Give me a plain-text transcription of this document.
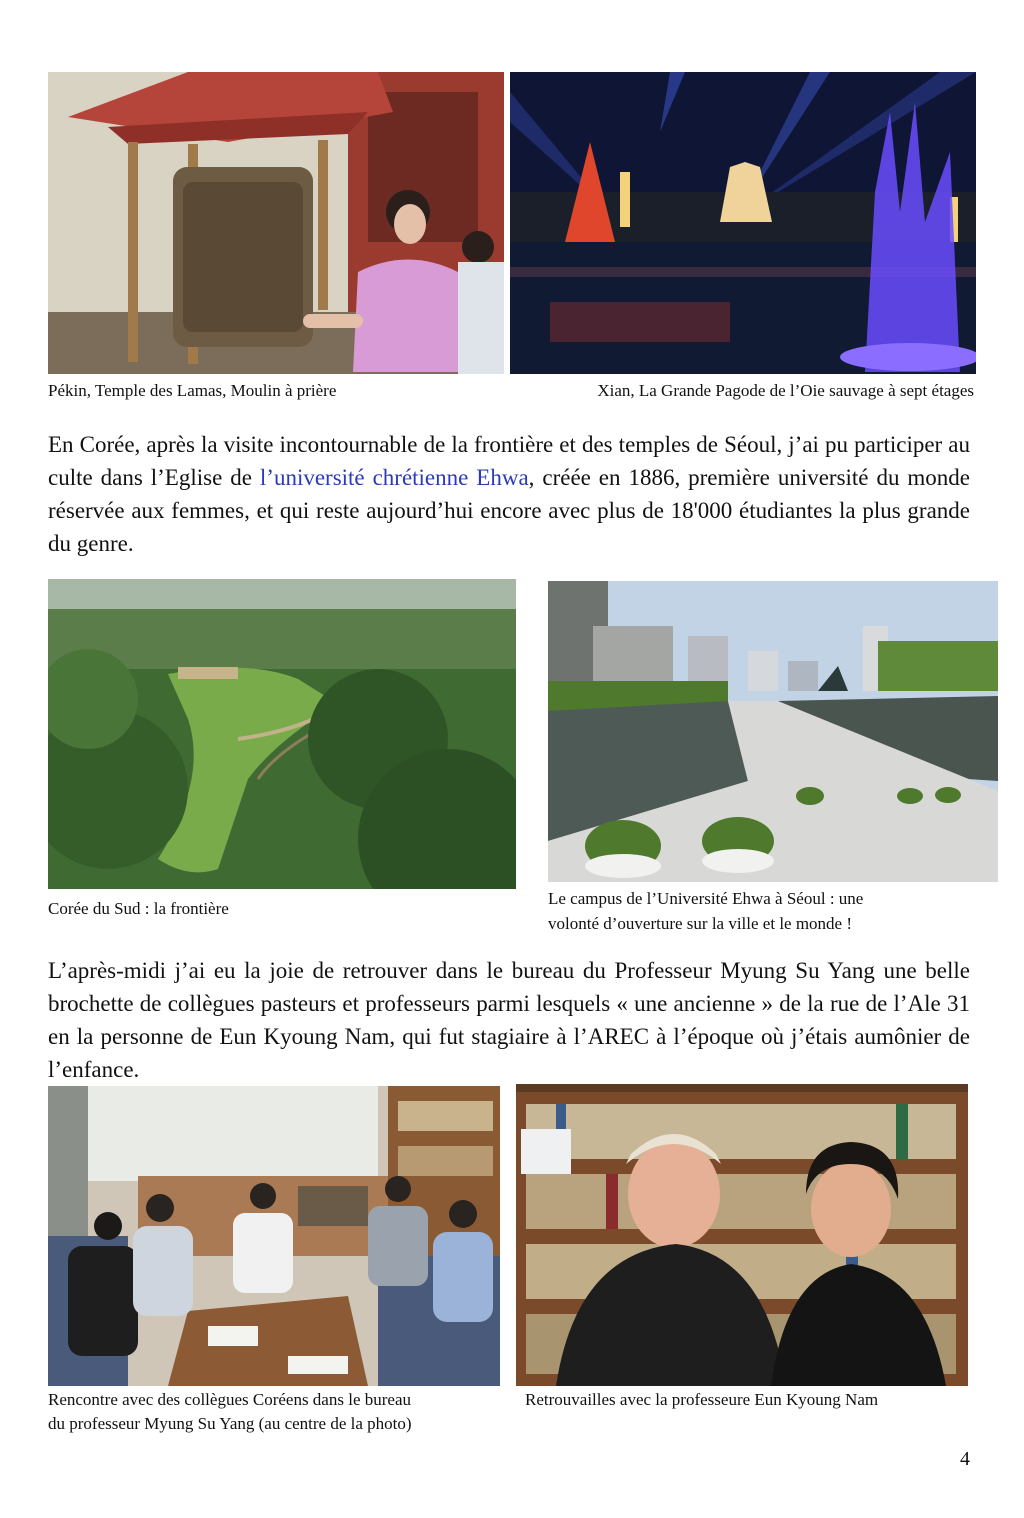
Pékin, Temple des Lamas, Moulin à prière	Xian, La Grande Pagode de l’Oie sauvage à sept étages
En Corée, après la visite incontournable de la frontière et des temples de Séoul, j’ai pu participer au culte dans l’Eglise de l’université chrétienne Ehwa, créée en 1886, première université du monde réservée aux femmes, et qui reste aujourd’hui encore avec plus de 18'000 étudiantes la plus grande du genre.
Corée du Sud : la frontière
Le campus de l’Université Ehwa à Séoul : une
volonté d’ouverture sur la ville et le monde !
L’après-midi j’ai eu la joie de retrouver dans le bureau du Professeur Myung Su Yang une belle brochette de collègues pasteurs et professeurs parmi lesquels « une ancienne » de la rue de l’Ale 31 en la personne de Eun Kyoung Nam, qui fut stagiaire à l’AREC à l’époque où j’étais aumônier de l’enfance.
Rencontre avec des collègues Coréens dans le bureau
du professeur Myung Su Yang (au centre de la photo)
Retrouvailles avec la professeure Eun Kyoung Nam
4
